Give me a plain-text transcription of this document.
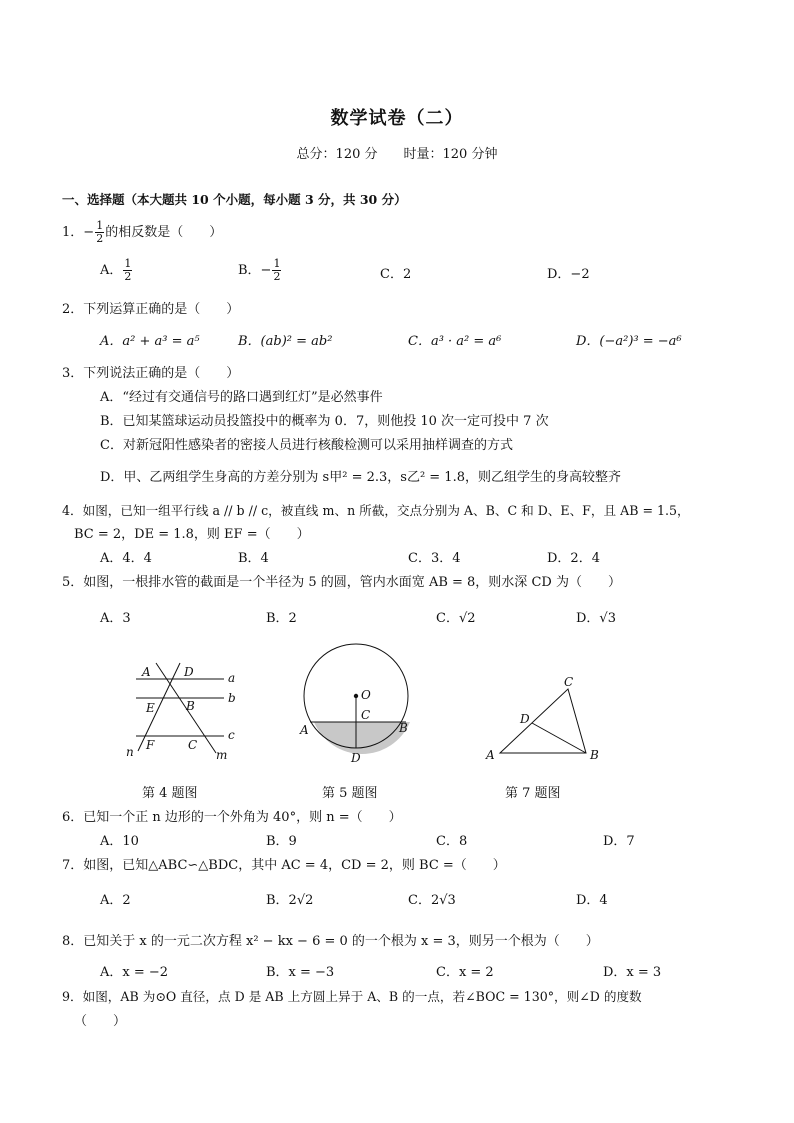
数学试卷（二）
总分：120 分　　时量：120 分钟
一、选择题（本大题共 10 个小题，每小题 3 分，共 30 分）
1．− $\frac{1}{2}$ 的相反数是（　　）
A． $\frac{1}{2}$	B．− $\frac{1}{2}$	C．2	D．−2
2．下列运算正确的是（　　）
A．a² + a³ = a⁵	B．(ab)² = ab²	C．a³ · a² = a⁶	D．(−a²)³ = −a⁶
3．下列说法正确的是（　　）
A．“经过有交通信号的路口遇到红灯”是必然事件
B．已知某篮球运动员投篮投中的概率为 0．7，则他投 10 次一定可投中 7 次
C．对新冠阳性感染者的密接人员进行核酸检测可以采用抽样调查的方式
D．甲、乙两组学生身高的方差分别为 s甲² = 2.3，s乙² = 1.8，则乙组学生的身高较整齐
4．如图，已知一组平行线 a // b // c，被直线 m、n 所截，交点分别为 A、B、C 和 D、E、F，且 AB = 1.5，
BC = 2，DE = 1.8，则 EF =（　　）
A．4．4	B．4	C．3．4	D．2．4
5．如图，一根排水管的截面是一个半径为 5 的圆，管内水面宽 AB = 8，则水深 CD 为（　　）
A．3	B．2	C．√2	D．√3
A	D	a
E	B
b
F	C
c
n	m
O
C
A	B
D
C
D
A	B
第 4 题图	第 5 题图	第 7 题图
6．已知一个正 n 边形的一个外角为 40°，则 n =（　　）
A．10	B．9	C．8	D．7
7．如图，已知△ABC∽△BDC，其中 AC = 4，CD = 2，则 BC =（　　）
A．2	B．2√2	C．2√3	D．4
8．已知关于 x 的一元二次方程 x² − kx − 6 = 0 的一个根为 x = 3，则另一个根为（　　）
A．x = −2	B．x = −3	C．x = 2	D．x = 3
9．如图，AB 为⊙O 直径，点 D 是 AB 上方圆上异于 A、B 的一点，若∠BOC = 130°，则∠D 的度数
（　　）
